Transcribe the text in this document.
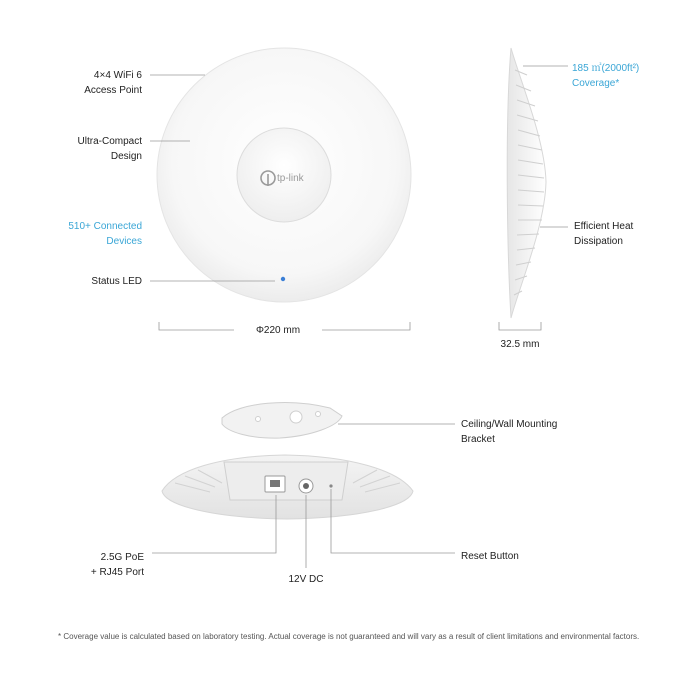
tp-link
4×4 WiFi 6
Access Point
Ultra-Compact
Design
510+ Connected
Devices
Status LED
Φ220 mm
185 ㎡(2000ft²)
Coverage*
Efficient Heat
Dissipation
32.5 mm
Ceiling/Wall Mounting
Bracket
2.5G PoE
+ RJ45 Port
12V DC
Reset Button
* Coverage value is calculated based on laboratory testing. Actual coverage is not guaranteed and will vary as a result of client limitations and environmental factors.
